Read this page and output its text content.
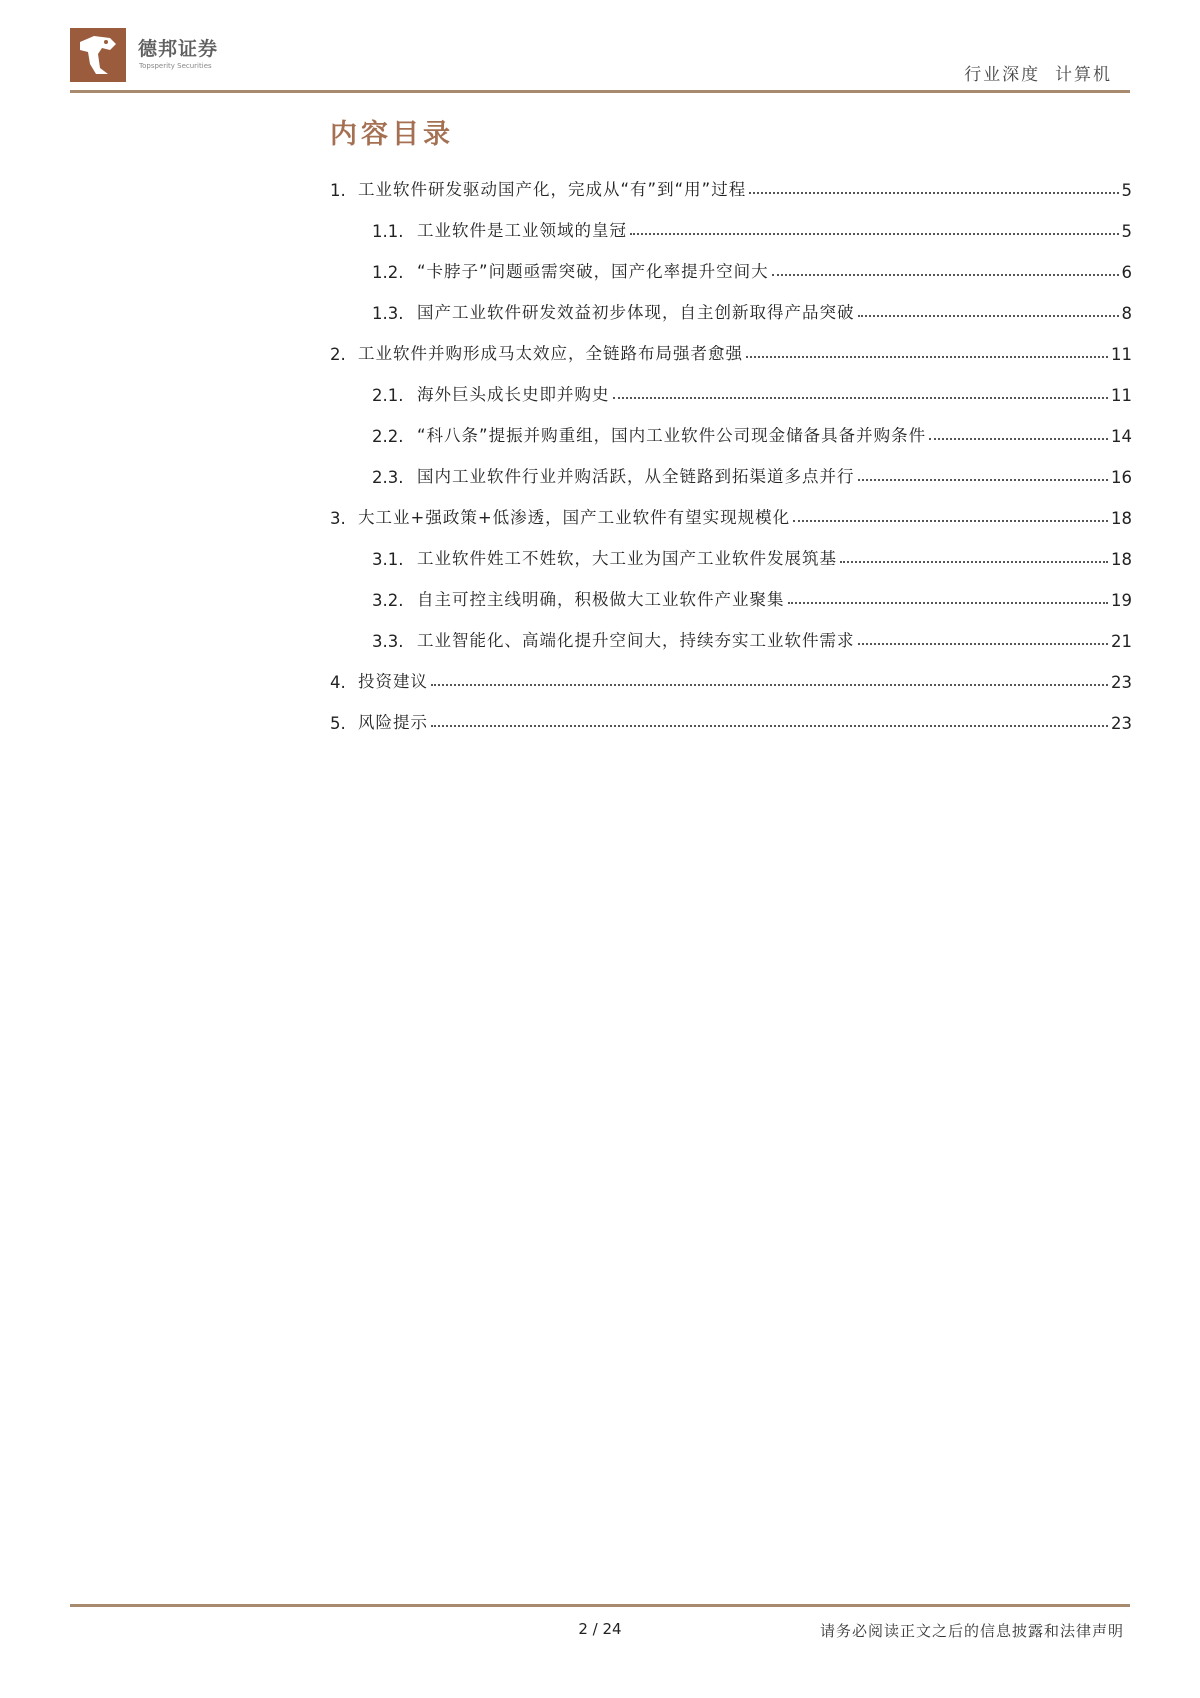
德邦证券
Topsperity Securities	行业深度 计算机
内容目录
1. 工业软件研发驱动国产化，完成从“有”到“用”过程	5
1.1. 工业软件是工业领域的皇冠	5
1.2. “卡脖子”问题亟需突破，国产化率提升空间大	6
1.3. 国产工业软件研发效益初步体现，自主创新取得产品突破	8
2. 工业软件并购形成马太效应，全链路布局强者愈强	11
2.1. 海外巨头成长史即并购史	11
2.2. “科八条”提振并购重组，国内工业软件公司现金储备具备并购条件	14
2.3. 国内工业软件行业并购活跃，从全链路到拓渠道多点并行	16
3. 大工业+强政策+低渗透，国产工业软件有望实现规模化	18
3.1. 工业软件姓工不姓软，大工业为国产工业软件发展筑基	18
3.2. 自主可控主线明确，积极做大工业软件产业聚集	19
3.3. 工业智能化、高端化提升空间大，持续夯实工业软件需求	21
4. 投资建议	23
5. 风险提示	23
2 / 24	请务必阅读正文之后的信息披露和法律声明
